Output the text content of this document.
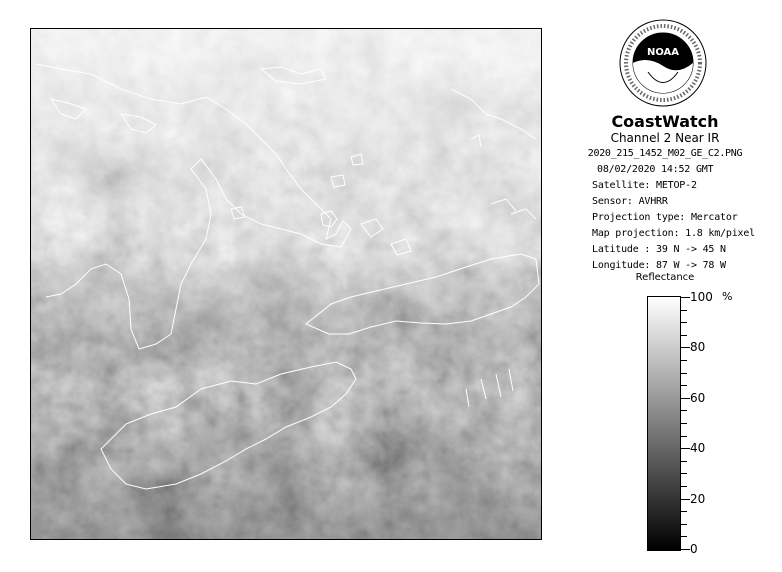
NOAA
CoastWatch
Channel 2 Near IR
2020_215_1452_M02_GE_C2.PNG
08/02/2020 14:52 GMT
Satellite: METOP-2
Sensor: AVHRR
Projection type: Mercator
Map projection: 1.8 km/pixel
Latitude : 39 N -> 45 N
Longitude: 87 W -> 78 W
Reflectance
%
100
80
60
40
20
0
